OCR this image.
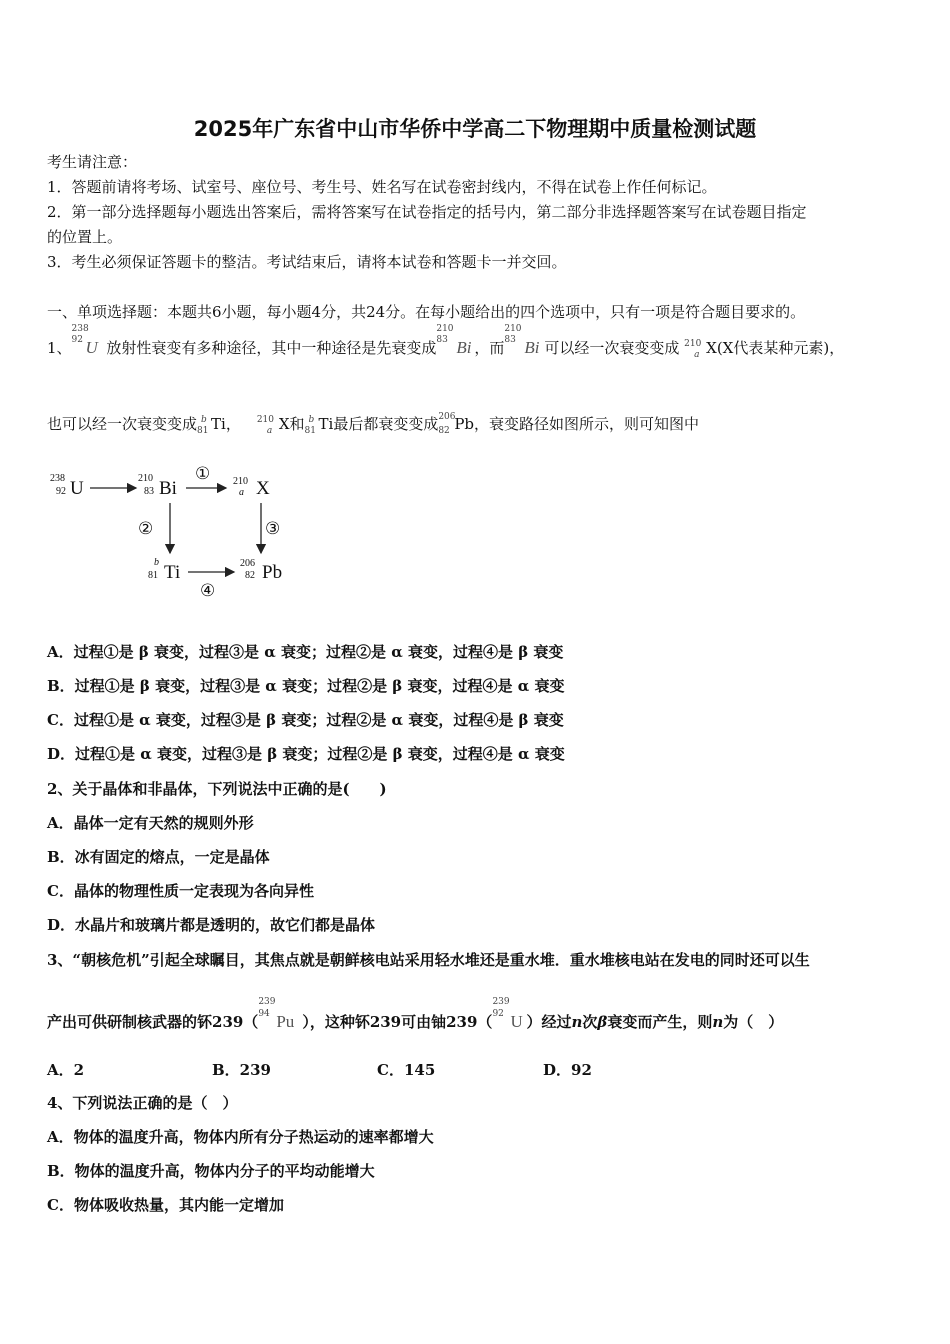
2025年广东省中山市华侨中学高二下物理期中质量检测试题
考生请注意：
1．答题前请将考场、试室号、座位号、考生号、姓名写在试卷密封线内，不得在试卷上作任何标记。
2．第一部分选择题每小题选出答案后，需将答案写在试卷指定的括号内，第二部分非选择题答案写在试卷题目指定
的位置上。
3．考生必须保证答题卡的整洁。考试结束后，请将本试卷和答题卡一并交回。
一、单项选择题：本题共6小题，每小题4分，共24分。在每小题给出的四个选项中，只有一项是符合题目要求的。
1、
238
92 U 放射性衰变有多种途径，其中一种途径是先衰变成
210
83 Bi ，而
210
83 Bi 可以经一次衰变变成 210
a X(X代表某种元素)，
也可以经一次衰变变成 b
81 Ti， 210
a X和 b
81 Ti最后都衰变变成 206
82 Pb，衰变路径如图所示，则可知图中
238
92 U	210
83 Bi
① 210
a X
②	③
b
81 Ti
④
206
82 Pb
A．过程①是 β 衰变，过程③是 α 衰变；过程②是 α 衰变，过程④是 β 衰变
B．过程①是 β 衰变，过程③是 α 衰变；过程②是 β 衰变，过程④是 α 衰变
C．过程①是 α 衰变，过程③是 β 衰变；过程②是 α 衰变，过程④是 β 衰变
D．过程①是 α 衰变，过程③是 β 衰变；过程②是 β 衰变，过程④是 α 衰变
2、关于晶体和非晶体，下列说法中正确的是(　　)
A．晶体一定有天然的规则外形
B．冰有固定的熔点，一定是晶体
C．晶体的物理性质一定表现为各向异性
D．水晶片和玻璃片都是透明的，故它们都是晶体
3、“朝核危机”引起全球瞩目，其焦点就是朝鲜核电站采用轻水堆还是重水堆．重水堆核电站在发电的同时还可以生
产出可供研制核武器的钚239（
239
94 Pu ），这种钚239可由铀239（
239
92 U ）经过n次β衰变而产生，则n为（　）
A．2	B．239	C．145	D．92
4、下列说法正确的是（　）
A．物体的温度升高，物体内所有分子热运动的速率都增大
B．物体的温度升高，物体内分子的平均动能增大
C．物体吸收热量，其内能一定增加
